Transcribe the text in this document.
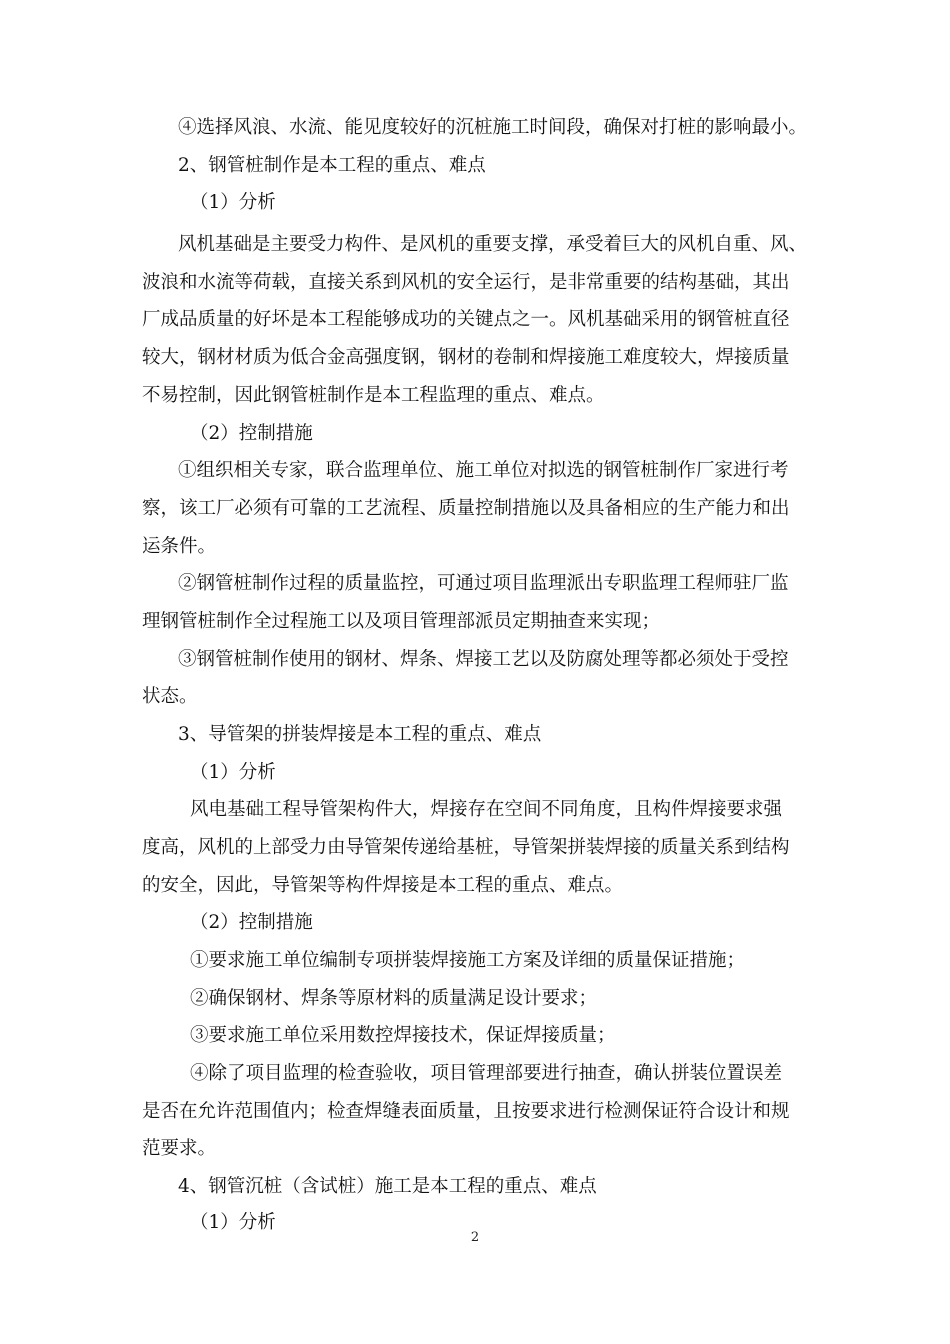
④选择风浪、水流、能见度较好的沉桩施工时间段，确保对打桩的影响最小。
2、钢管桩制作是本工程的重点、难点
（1）分析
风机基础是主要受力构件、是风机的重要支撑，承受着巨大的风机自重、风、
波浪和水流等荷载，直接关系到风机的安全运行，是非常重要的结构基础，其出
厂成品质量的好坏是本工程能够成功的关键点之一。风机基础采用的钢管桩直径
较大，钢材材质为低合金高强度钢，钢材的卷制和焊接施工难度较大，焊接质量
不易控制，因此钢管桩制作是本工程监理的重点、难点。
（2）控制措施
①组织相关专家，联合监理单位、施工单位对拟选的钢管桩制作厂家进行考
察，该工厂必须有可靠的工艺流程、质量控制措施以及具备相应的生产能力和出
运条件。
②钢管桩制作过程的质量监控，可通过项目监理派出专职监理工程师驻厂监
理钢管桩制作全过程施工以及项目管理部派员定期抽查来实现；
③钢管桩制作使用的钢材、焊条、焊接工艺以及防腐处理等都必须处于受控
状态。
3、导管架的拼装焊接是本工程的重点、难点
（1）分析
风电基础工程导管架构件大，焊接存在空间不同角度，且构件焊接要求强
度高，风机的上部受力由导管架传递给基桩，导管架拼装焊接的质量关系到结构
的安全，因此，导管架等构件焊接是本工程的重点、难点。
（2）控制措施
①要求施工单位编制专项拼装焊接施工方案及详细的质量保证措施；
②确保钢材、焊条等原材料的质量满足设计要求；
③要求施工单位采用数控焊接技术，保证焊接质量；
④除了项目监理的检查验收，项目管理部要进行抽查，确认拼装位置误差
是否在允许范围值内；检查焊缝表面质量，且按要求进行检测保证符合设计和规
范要求。
4、钢管沉桩（含试桩）施工是本工程的重点、难点
（1）分析
2
